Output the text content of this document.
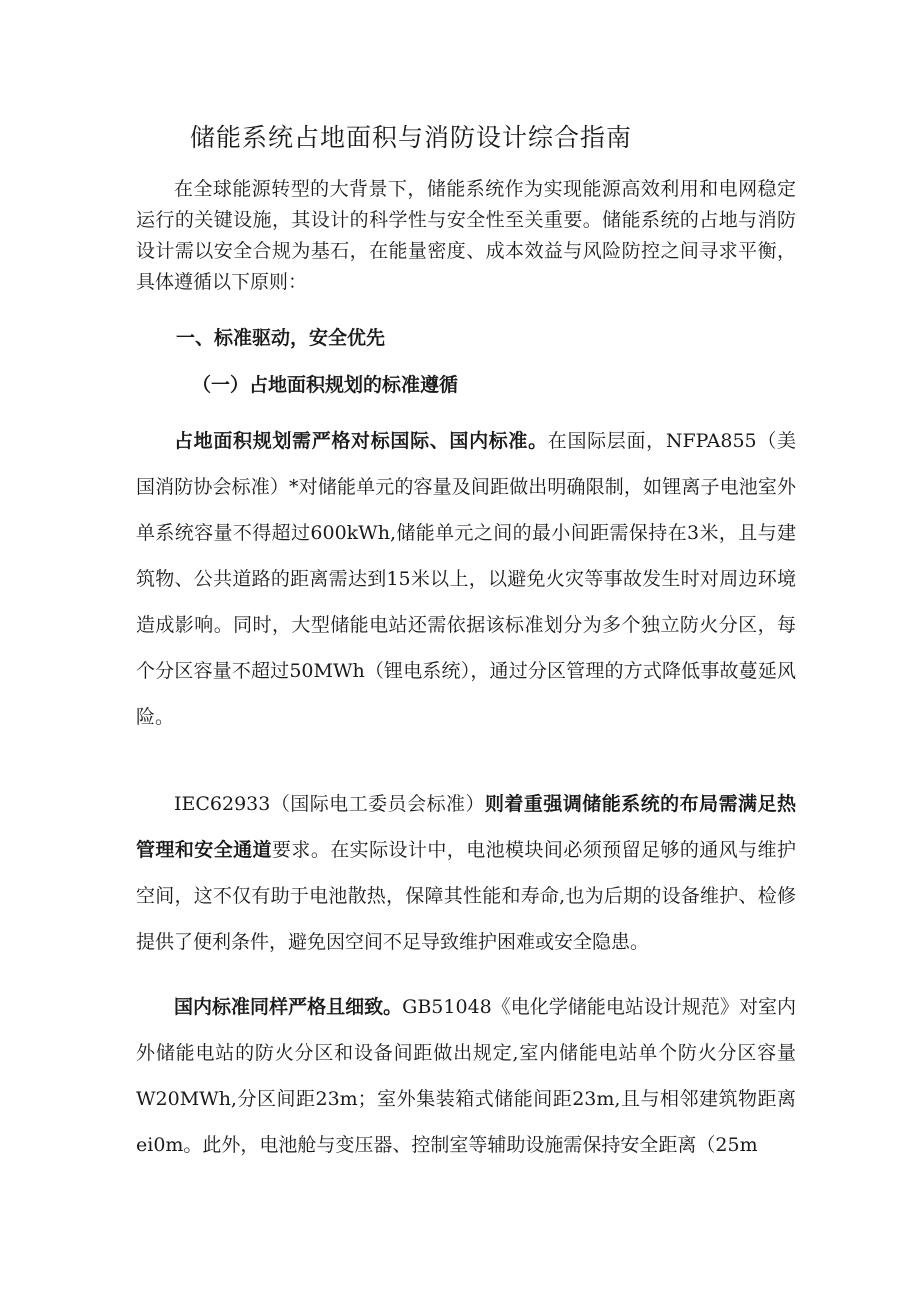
储能系统占地面积与消防设计综合指南

在全球能源转型的大背景下，储能系统作为实现能源高效利用和电网稳定运行的关键设施，其设计的科学性与安全性至关重要。储能系统的占地与消防设计需以安全合规为基石，在能量密度、成本效益与风险防控之间寻求平衡，具体遵循以下原则：

一、标准驱动，安全优先
（一）占地面积规划的标准遵循

占地面积规划需严格对标国际、国内标准。在国际层面，NFPA855（美国消防协会标准）*对储能单元的容量及间距做出明确限制，如锂离子电池室外单系统容量不得超过600kWh,储能单元之间的最小间距需保持在3米，且与建筑物、公共道路的距离需达到15米以上，以避免火灾等事故发生时对周边环境造成影响。同时，大型储能电站还需依据该标准划分为多个独立防火分区，每个分区容量不超过50MWh（锂电系统），通过分区管理的方式降低事故蔓延风险。

IEC62933（国际电工委员会标准）则着重强调储能系统的布局需满足热管理和安全通道要求。在实际设计中，电池模块间必须预留足够的通风与维护空间，这不仅有助于电池散热，保障其性能和寿命,也为后期的设备维护、检修提供了便利条件，避免因空间不足导致维护困难或安全隐患。

国内标准同样严格且细致。GB51048《电化学储能电站设计规范》对室内外储能电站的防火分区和设备间距做出规定,室内储能电站单个防火分区容量W20MWh,分区间距23m；室外集装箱式储能间距23m,且与相邻建筑物距离ei0m。此外，电池舱与变压器、控制室等辅助设施需保持安全距离（25m
